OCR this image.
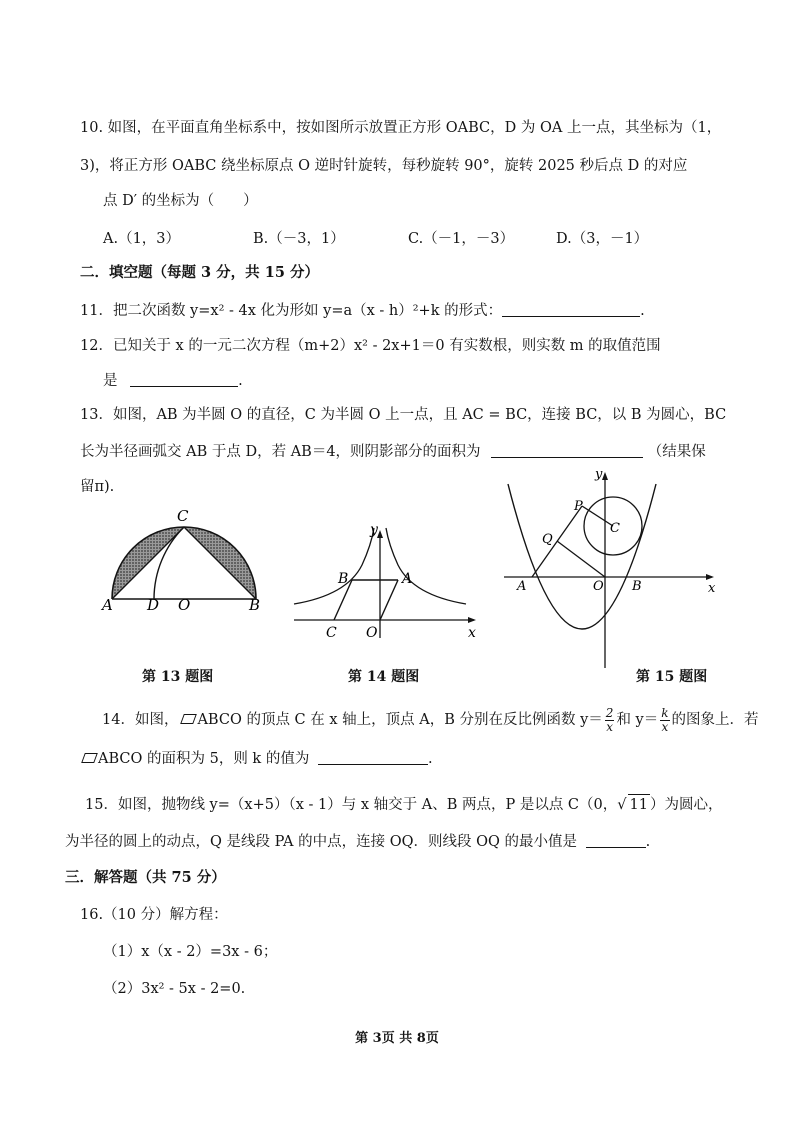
10. 如图，在平面直角坐标系中，按如图所示放置正方形 OABC，D 为 OA 上一点，其坐标为（1，
3)，将正方形 OABC 绕坐标原点 O 逆时针旋转，每秒旋转 90°，旋转 2025 秒后点 D 的对应
点 D′ 的坐标为（　　）
A.（1，3）	B.（－3，1）	C.（－1，－3）	D.（3，－1）
二．填空题（每题 3 分，共 15 分）
11．把二次函数 y=x² - 4x 化为形如 y=a（x - h）²+k 的形式：	.
12．已知关于 x 的一元二次方程（m+2）x² - 2x+1＝0 有实数根，则实数 m 的取值范围
是	.
13．如图，AB 为半圆 O 的直径，C 为半圆 O 上一点，且 AC = BC，连接 BC，以 B 为圆心，BC
长为半径画弧交 AB 于点 D，若 AB＝4，则阴影部分的面积为	（结果保
留π).
A D O	B
C
第 13 题图
B	A
C O	x
y
第 14 题图
P
Q
C
A	O B	x
y
第 15 题图
14．如图， ABCO 的顶点 C 在 x 轴上，顶点 A，B 分别在反比例函数 $y= \frac{2}{x}$ 和 $y= \frac{k}{x}$ 的图象上．若
ABCO 的面积为 5，则 k 的值为	.
15．如图，抛物线 y=（x+5）（x - 1）与 x 轴交于 A、B 两点，P 是以点 C（0，√ 11 ）为圆心，
为半径的圆上的动点，Q 是线段 PA 的中点，连接 OQ．则线段 OQ 的最小值是	.
三．解答题（共 75 分）
16.（10 分）解方程：
（1）x（x - 2）=3x - 6；
（2）3x² - 5x - 2=0.
第 3页 共 8页
